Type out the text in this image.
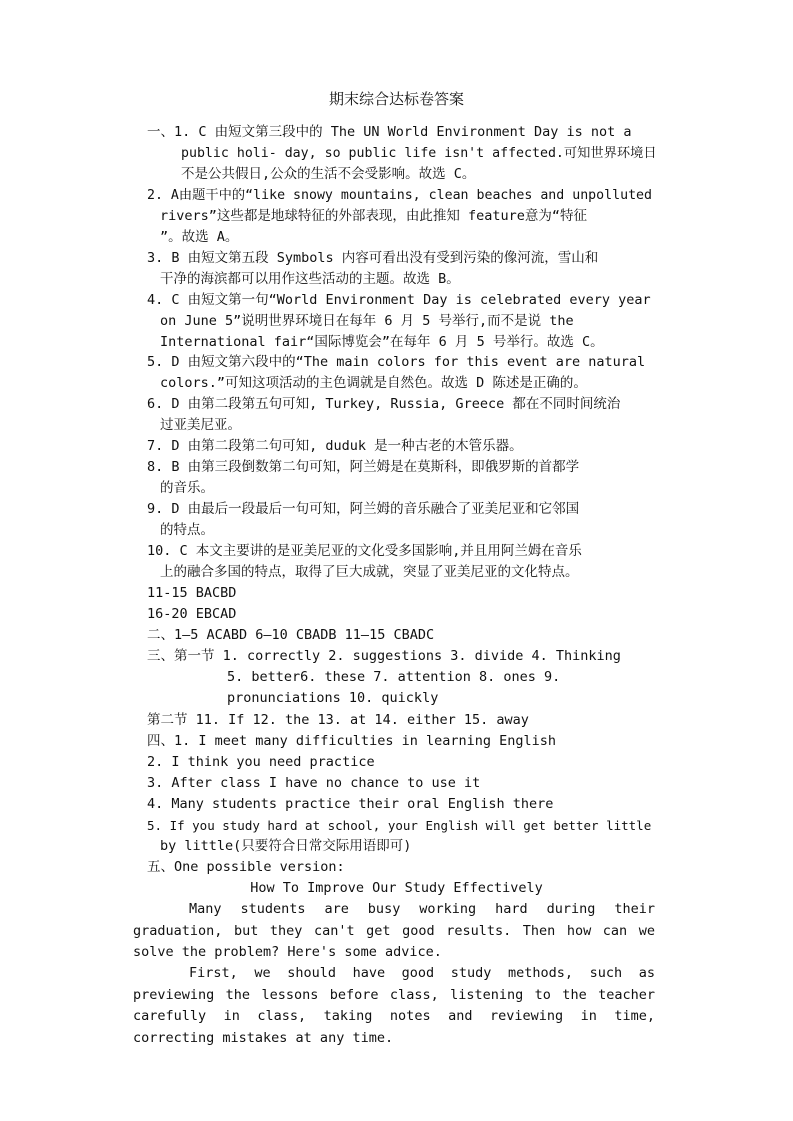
期末综合达标卷答案
一、1. C 由短文第三段中的 The UN World Environment Day is not a
public holi- day, so public life isn't affected.可知世界环境日
不是公共假日,公众的生活不会受影响。故选 C。
2. A由题干中的“like snowy mountains, clean beaches and unpolluted
rivers”这些都是地球特征的外部表现，由此推知 feature意为“特征
”。故选 A。
3. B 由短文第五段 Symbols 内容可看出没有受到污染的像河流，雪山和
干净的海滨都可以用作这些活动的主题。故选 B。
4. C 由短文第一句“World Environment Day is celebrated every year
on June 5”说明世界环境日在每年 6 月 5 号举行,而不是说 the
International fair“国际博览会”在每年 6 月 5 号举行。故选 C。
5. D 由短文第六段中的“The main colors for this event are natural
colors.”可知这项活动的主色调就是自然色。故选 D 陈述是正确的。
6. D 由第二段第五句可知, Turkey, Russia, Greece 都在不同时间统治
过亚美尼亚。
7. D 由第二段第二句可知, duduk 是一种古老的木管乐器。
8. B 由第三段倒数第二句可知，阿兰姆是在莫斯科，即俄罗斯的首都学
的音乐。
9. D 由最后一段最后一句可知，阿兰姆的音乐融合了亚美尼亚和它邻国
的特点。
10. C 本文主要讲的是亚美尼亚的文化受多国影响,并且用阿兰姆在音乐
上的融合多国的特点，取得了巨大成就，突显了亚美尼亚的文化特点。
11-15 BACBD
16-20 EBCAD
二、1—5 ACABD 6—10 CBADB 11—15 CBADC
三、第一节 1. correctly 2. suggestions 3. divide 4. Thinking
5. better6. these 7. attention 8. ones 9.
pronunciations 10. quickly
第二节 11. If 12. the 13. at 14. either 15. away
四、1. I meet many difficulties in learning English
2. I think you need practice
3. After class I have no chance to use it
4. Many students practice their oral English there
5. If you study hard at school, your English will get better little
by little(只要符合日常交际用语即可)
五、One possible version:
How To Improve Our Study Effectively
Many students are busy working hard during their graduation, but they can't get good results. Then how can we solve the problem? Here's some advice.
First, we should have good study methods, such as previewing the lessons before class, listening to the teacher carefully in class, taking notes and reviewing in time, correcting mistakes at any time.
